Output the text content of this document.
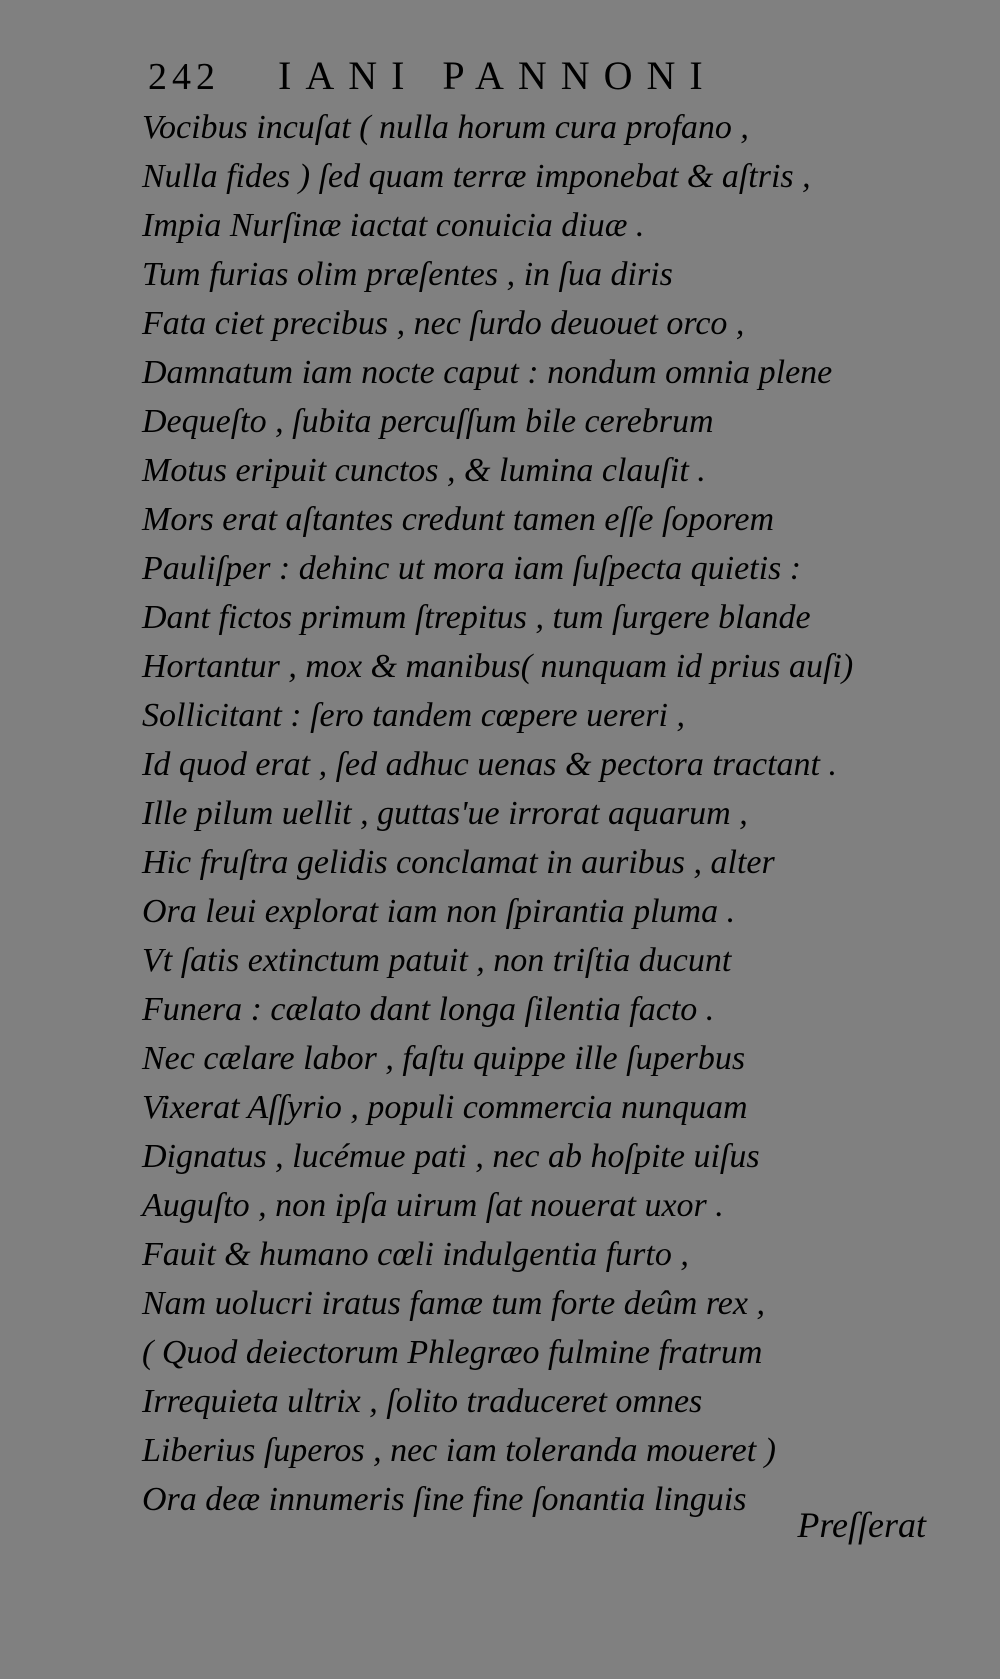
242 IANI PANNONI
Vocibus incuſat ( nulla horum cura profano ,
Nulla fides ) ſed quam terræ imponebat & aſtris ,
Impia Nurſinæ iactat conuicia diuæ .
Tum furias olim præſentes , in ſua diris
Fata ciet precibus , nec ſurdo deuouet orco ,
Damnatum iam nocte caput : nondum omnia plene
Dequeſto , ſubita percuſſum bile cerebrum
Motus eripuit cunctos , & lumina clauſit .
Mors erat aſtantes credunt tamen eſſe ſoporem
Pauliſper : dehinc ut mora iam ſuſpecta quietis :
Dant fictos primum ſtrepitus , tum ſurgere blande
Hortantur , mox & manibus( nunquam id prius auſi)
Sollicitant : ſero tandem cœpere uereri ,
Id quod erat , ſed adhuc uenas & pectora tractant .
Ille pilum uellit , guttas'ue irrorat aquarum ,
Hic fruſtra gelidis conclamat in auribus , alter
Ora leui explorat iam non ſpirantia pluma .
Vt ſatis extinctum patuit , non triſtia ducunt
Funera : cælato dant longa ſilentia facto .
Nec cælare labor , faſtu quippe ille ſuperbus
Vixerat Aſſyrio , populi commercia nunquam
Dignatus , lucémue pati , nec ab hoſpite uiſus
Auguſto , non ipſa uirum ſat nouerat uxor .
Fauit & humano cœli indulgentia furto ,
Nam uolucri iratus famæ tum forte deûm rex ,
( Quod deiectorum Phlegræo fulmine fratrum
Irrequieta ultrix , ſolito traduceret omnes
Liberius ſuperos , nec iam toleranda moueret )
Ora deæ innumeris ſine fine ſonantia linguis
Preſſerat
